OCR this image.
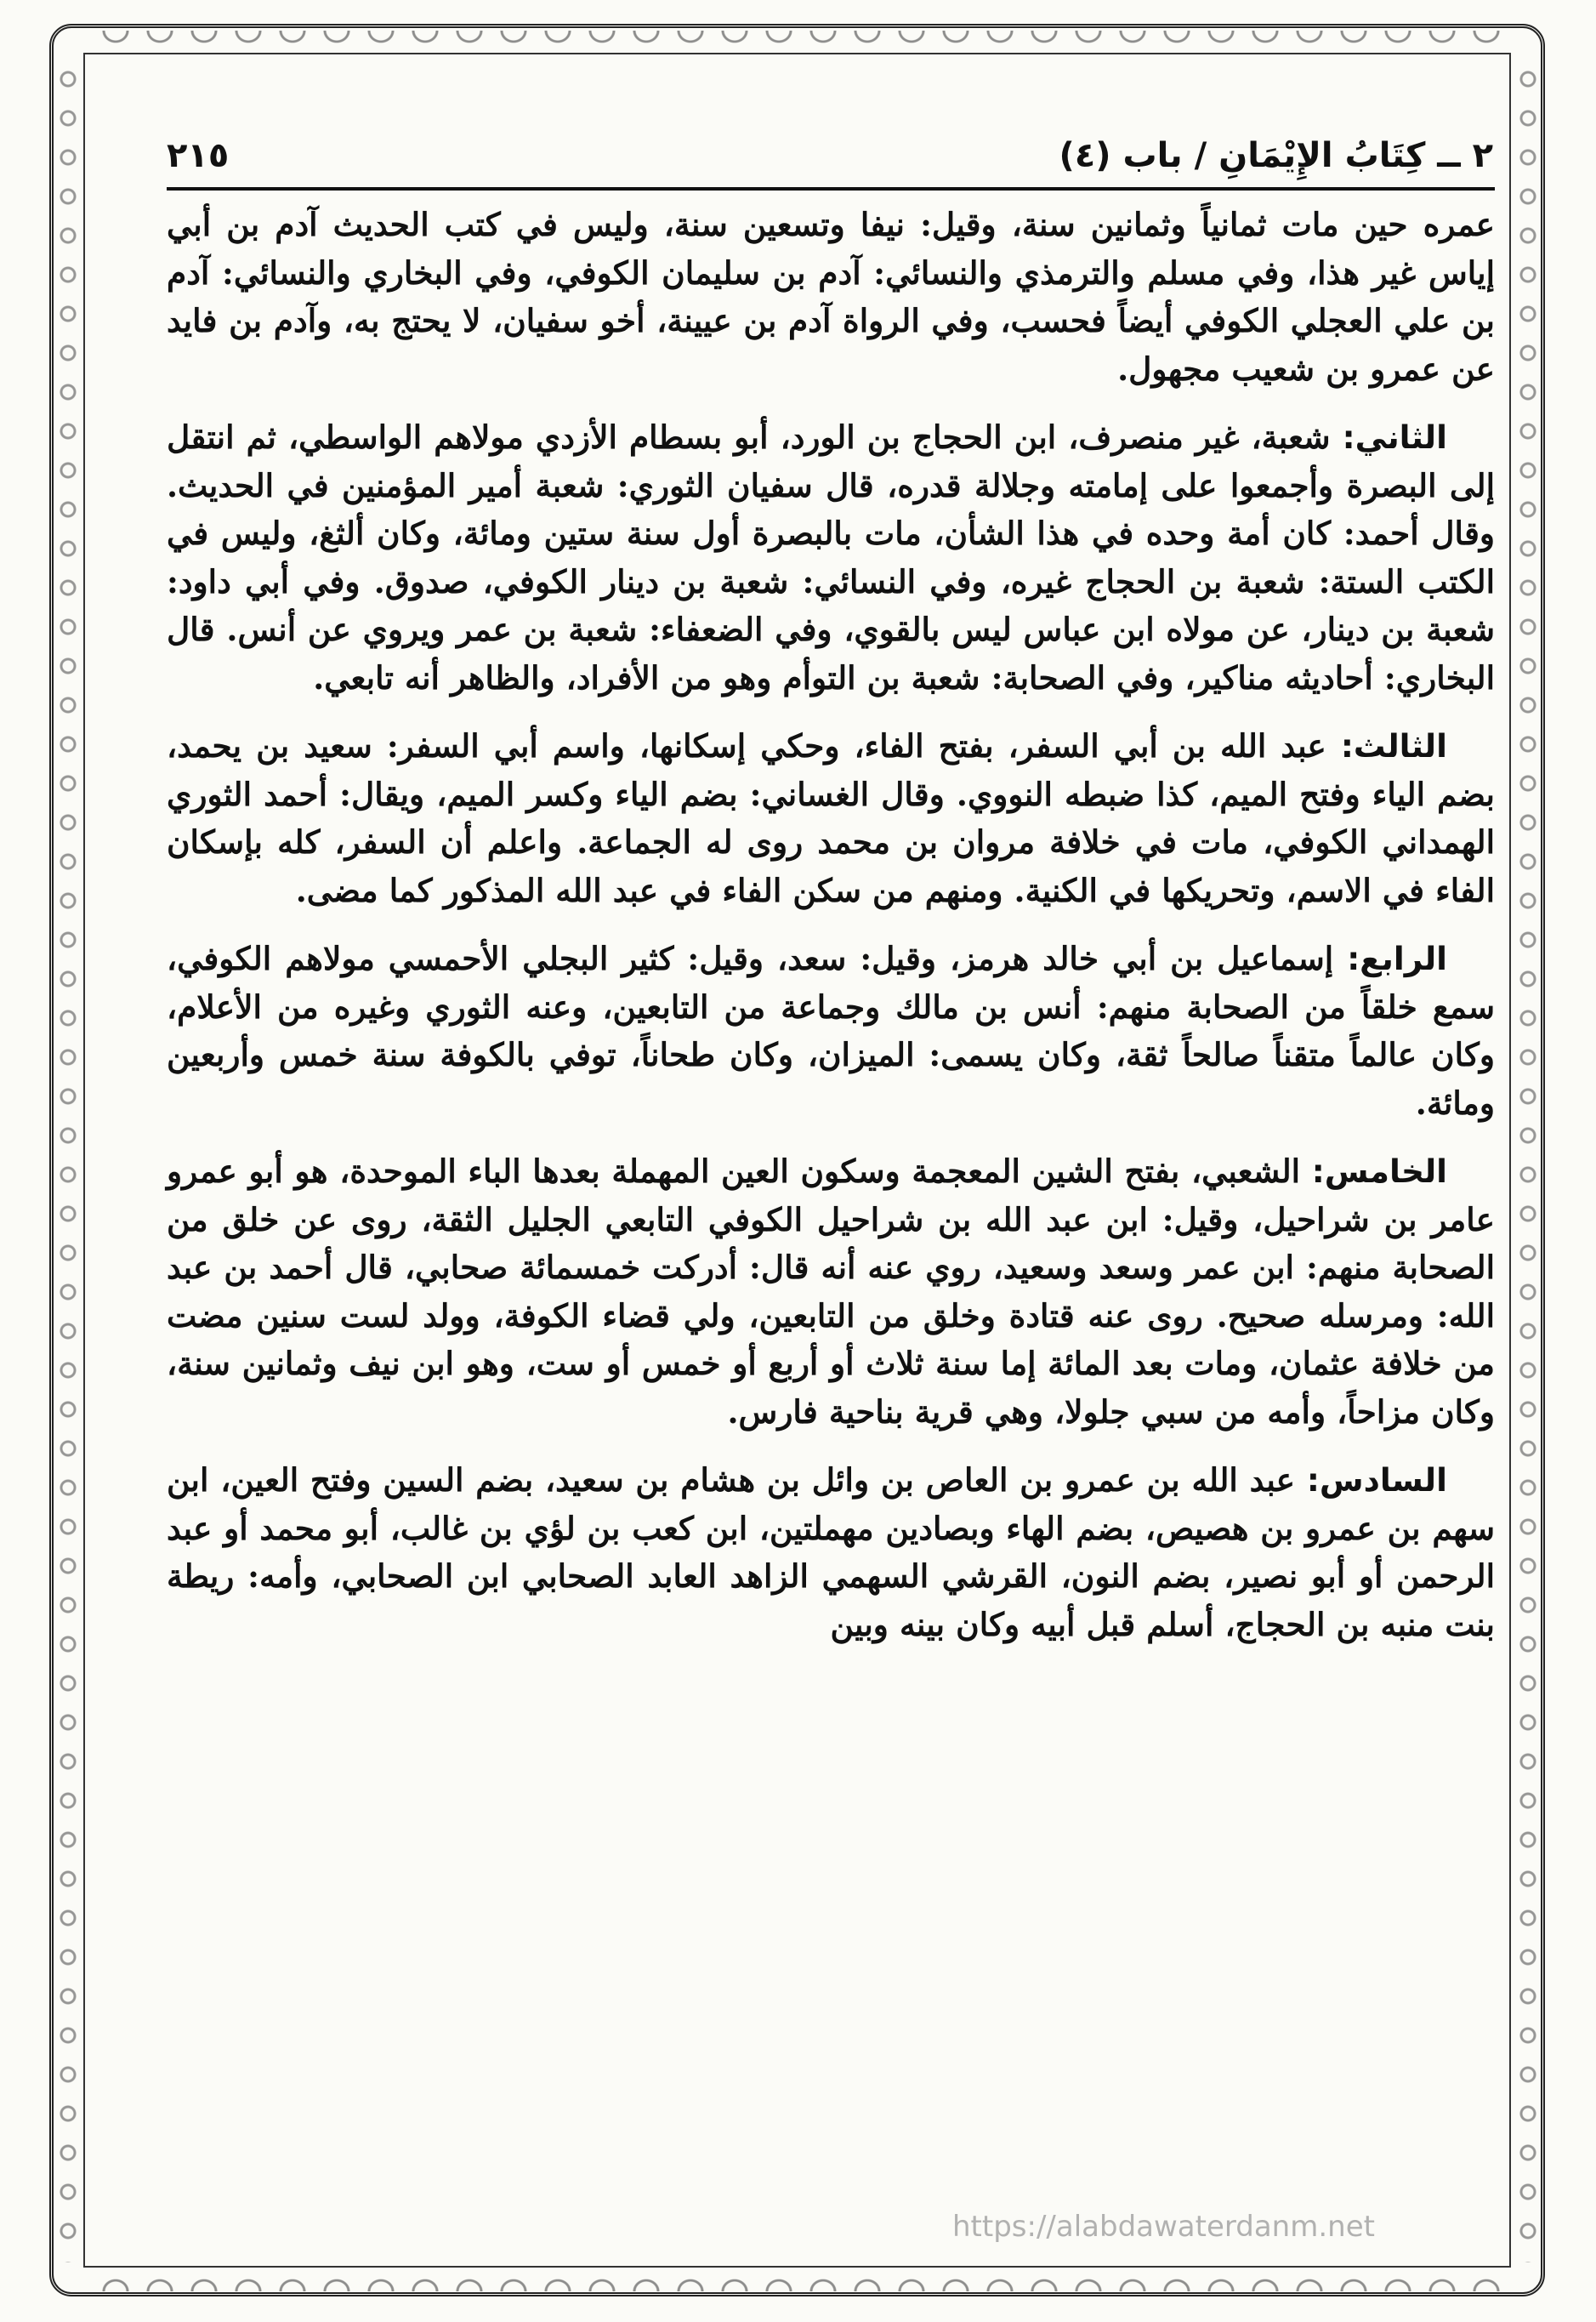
٢١٥	٢ ــ كِتَابُ الإِيْمَانِ / باب (٤)

عمره حين مات ثمانياً وثمانين سنة، وقيل: نيفا وتسعين سنة، وليس في كتب الحديث آدم بن أبي إياس غير هذا، وفي مسلم والترمذي والنسائي: آدم بن سليمان الكوفي، وفي البخاري والنسائي: آدم بن علي العجلي الكوفي أيضاً فحسب، وفي الرواة آدم بن عيينة، أخو سفيان، لا يحتج به، وآدم بن فايد عن عمرو بن شعيب مجهول.

الثاني: شعبة، غير منصرف، ابن الحجاج بن الورد، أبو بسطام الأزدي مولاهم الواسطي، ثم انتقل إلى البصرة وأجمعوا على إمامته وجلالة قدره، قال سفيان الثوري: شعبة أمير المؤمنين في الحديث. وقال أحمد: كان أمة وحده في هذا الشأن، مات بالبصرة أول سنة ستين ومائة، وكان ألثغ، وليس في الكتب الستة: شعبة بن الحجاج غيره، وفي النسائي: شعبة بن دينار الكوفي، صدوق. وفي أبي داود: شعبة بن دينار، عن مولاه ابن عباس ليس بالقوي، وفي الضعفاء: شعبة بن عمر ويروي عن أنس. قال البخاري: أحاديثه مناكير، وفي الصحابة: شعبة بن التوأم وهو من الأفراد، والظاهر أنه تابعي.

الثالث: عبد الله بن أبي السفر، بفتح الفاء، وحكي إسكانها، واسم أبي السفر: سعيد بن يحمد، بضم الياء وفتح الميم، كذا ضبطه النووي. وقال الغساني: بضم الياء وكسر الميم، ويقال: أحمد الثوري الهمداني الكوفي، مات في خلافة مروان بن محمد روى له الجماعة. واعلم أن السفر، كله بإسكان الفاء في الاسم، وتحريكها في الكنية. ومنهم من سكن الفاء في عبد الله المذكور كما مضى.

الرابع: إسماعيل بن أبي خالد هرمز، وقيل: سعد، وقيل: كثير البجلي الأحمسي مولاهم الكوفي، سمع خلقاً من الصحابة منهم: أنس بن مالك وجماعة من التابعين، وعنه الثوري وغيره من الأعلام، وكان عالماً متقناً صالحاً ثقة، وكان يسمى: الميزان، وكان طحاناً، توفي بالكوفة سنة خمس وأربعين ومائة.

الخامس: الشعبي، بفتح الشين المعجمة وسكون العين المهملة بعدها الباء الموحدة، هو أبو عمرو عامر بن شراحيل، وقيل: ابن عبد الله بن شراحيل الكوفي التابعي الجليل الثقة، روى عن خلق من الصحابة منهم: ابن عمر وسعد وسعيد، روي عنه أنه قال: أدركت خمسمائة صحابي، قال أحمد بن عبد الله: ومرسله صحيح. روى عنه قتادة وخلق من التابعين، ولي قضاء الكوفة، وولد لست سنين مضت من خلافة عثمان، ومات بعد المائة إما سنة ثلاث أو أربع أو خمس أو ست، وهو ابن نيف وثمانين سنة، وكان مزاحاً، وأمه من سبي جلولا، وهي قرية بناحية فارس.

السادس: عبد الله بن عمرو بن العاص بن وائل بن هشام بن سعيد، بضم السين وفتح العين، ابن سهم بن عمرو بن هصيص، بضم الهاء وبصادين مهملتين، ابن كعب بن لؤي بن غالب، أبو محمد أو عبد الرحمن أو أبو نصير، بضم النون، القرشي السهمي الزاهد العابد الصحابي ابن الصحابي، وأمه: ريطة بنت منبه بن الحجاج، أسلم قبل أبيه وكان بينه وبين

https://alabdawaterdanm.net
